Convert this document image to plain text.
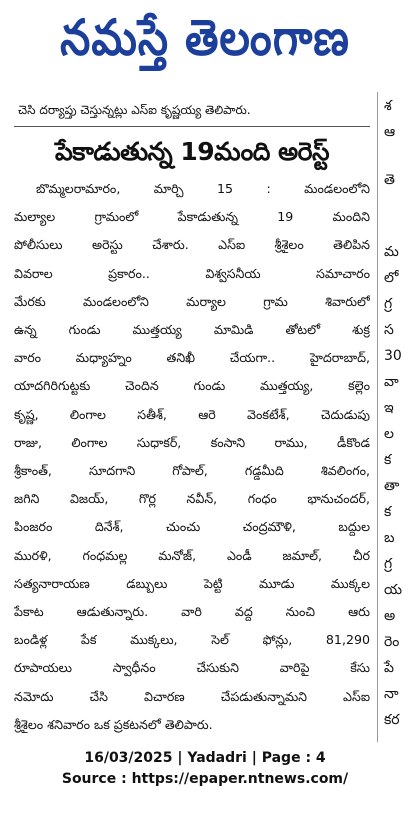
నమస్తే తెలంగాణ
చెసి దర్యాప్తు చెస్తున్నట్లు ఎస్ఐ కృష్ణయ్య తెలిపారు.
పేకాడుతున్న 19మంది అరెస్ట్
బొమ్మలరామారం, మార్చి 15 : మండలంలోని
మల్యాల గ్రామంలో పేకాడుతున్న 19 మందిని
పోలీసులు అరెస్టు చేశారు. ఎస్ఐ శ్రీశైలం తెలిపిన
వివరాల ప్రకారం.. విశ్వసనీయ సమాచారం
మేరకు మండలంలోని మర్యాల గ్రామ శివారులో
ఉన్న గుండు ముత్తయ్య మామిడి తోటలో శుక్ర
వారం మధ్యాహ్నం తనిఖీ చేయగా.. హైదరాబాద్,
యాదగిరిగుట్టకు చెందిన గుండు ముత్తయ్య, కల్లెం
కృష్ణ, లింగాల సతీశ్, ఆరె వెంకటేశ్, చెదుడుపు
రాజు, లింగాల సుధాకర్, కంసాని రాము, డీకొండ
శ్రీకాంత్, సూదగాని గోపాల్, గడ్డమీది శివలింగం,
జగిని విజయ్, గొర్ల నవీన్, గంధం భానుచందర్,
పింజరం దినేశ్, చుంచు చంద్రమౌళి, బద్దుల
మురళి, గంధమల్ల మనోజ్, ఎండీ జమాల్, చీర
సత్యనారాయణ డబ్బులు పెట్టి మూడు ముక్కల
పేకాట ఆడుతున్నారు. వారి వద్ద నుంచి ఆరు
బండిళ్ల పేక ముక్కలు, సెల్ ఫోన్లు, 81,290
రూపాయలు స్వాధీనం చేసుకుని వారిపై కేసు
నమోదు చేసి విచారణ చేపడుతున్నామని ఎస్ఐ
శ్రీశైలం శనివారం ఒక ప్రకటనలో తెలిపారు.
శ
ఆ
తె
మ
లో
గ్ర
స
30
వా
ఇ
ల
క
తా
క
బ
గ్ర
య
అ
రెం
పే
నా
కర
16/03/2025 | Yadadri | Page : 4
Source : https://epaper.ntnews.com/
